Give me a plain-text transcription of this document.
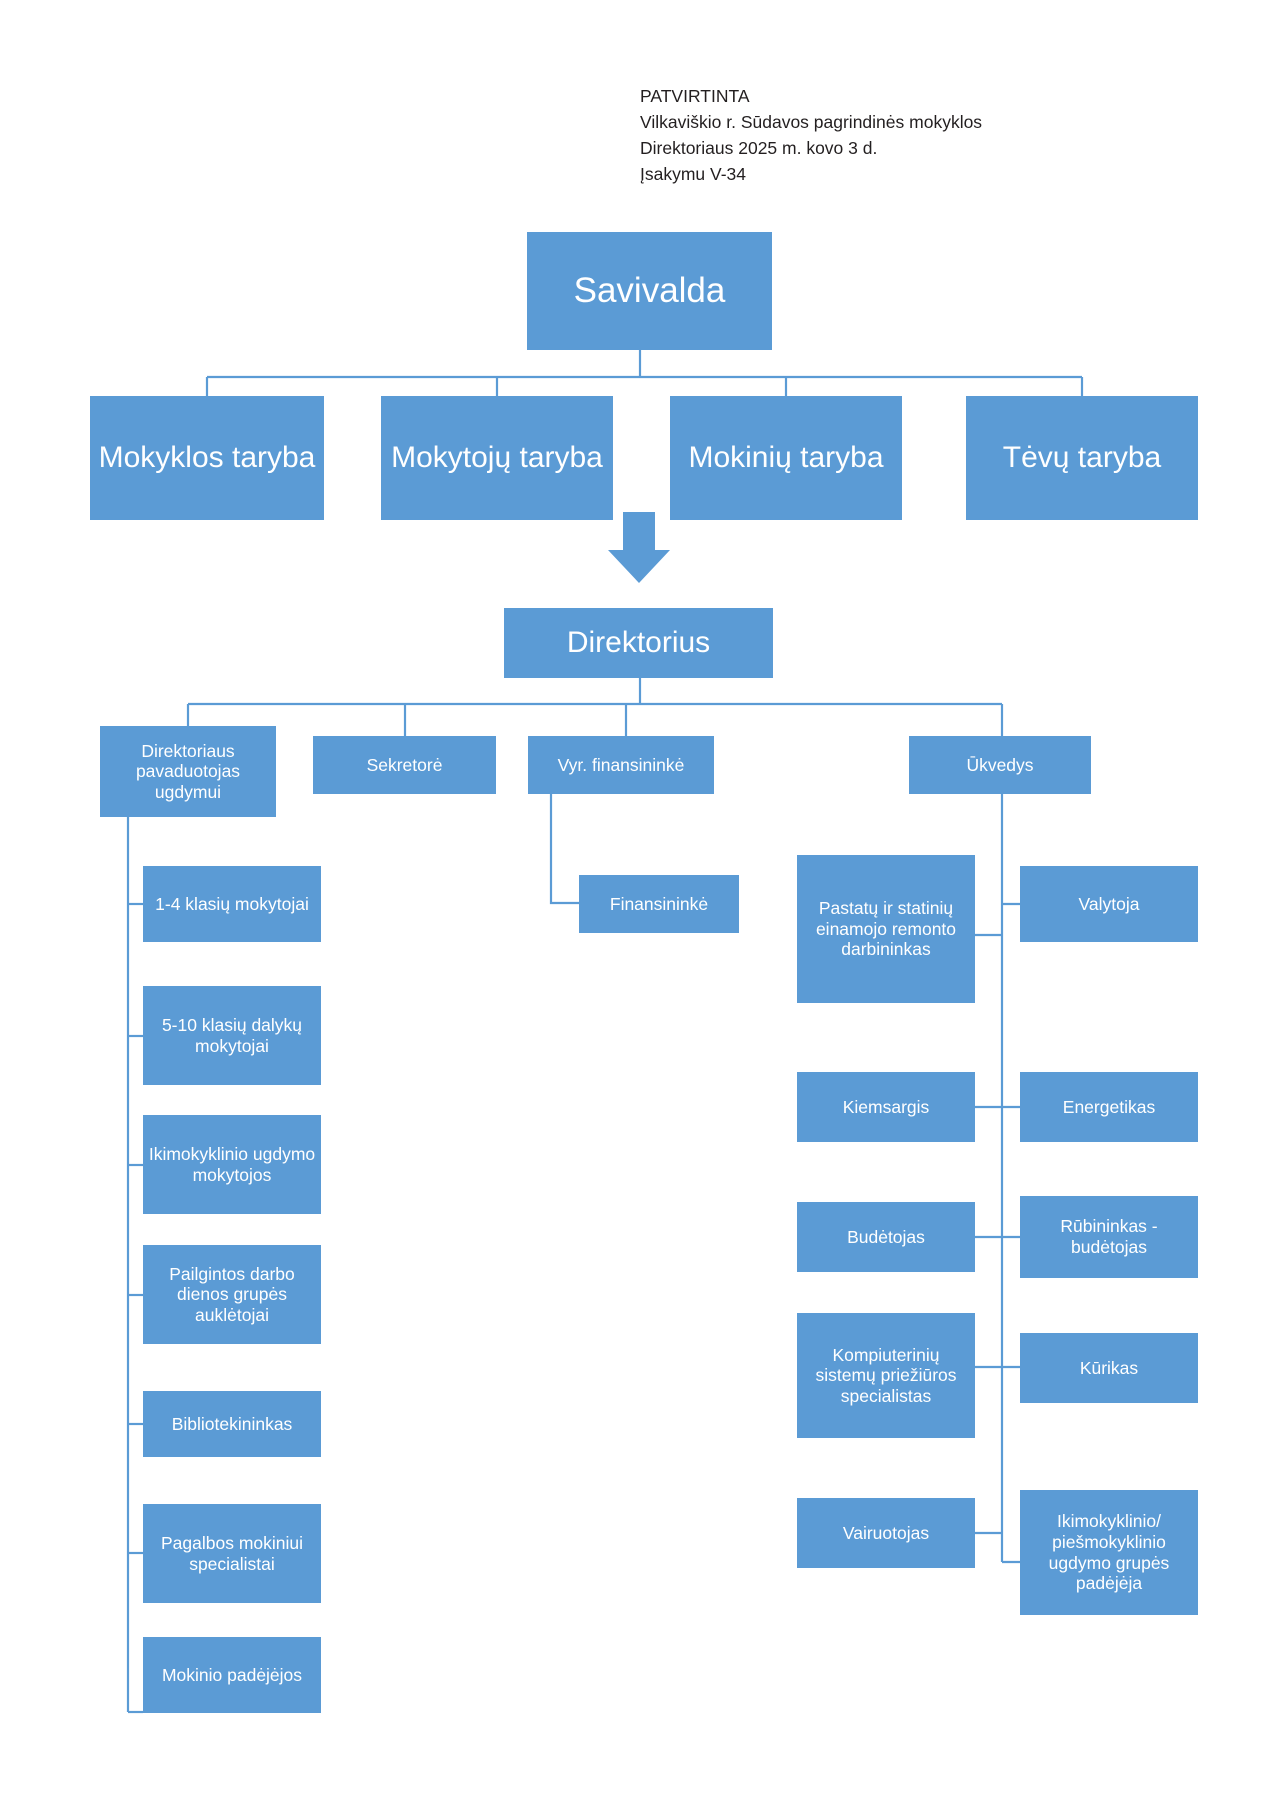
PATVIRTINTA
Vilkaviškio r. Sūdavos pagrindinės mokyklos
Direktoriaus 2025 m. kovo 3 d.
Įsakymu V-34
Savivalda
Mokyklos taryba	Mokytojų taryba	Mokinių taryba	Tėvų taryba
Direktorius
Direktoriaus pavaduotojas ugdymui
Sekretorė	Vyr. finansininkė	Ūkvedys
Finansininkė
1-4 klasių mokytojai
5-10 klasių dalykų mokytojai
Ikimokyklinio ugdymo mokytojos
Pailgintos darbo dienos grupės auklėtojai
Bibliotekininkas
Pagalbos mokiniui specialistai
Mokinio padėjėjos
Pastatų ir statinių einamojo remonto darbininkas
Kiemsargis
Budėtojas
Kompiuterinių sistemų priežiūros specialistas
Vairuotojas
Valytoja
Energetikas
Rūbininkas - budėtojas
Kūrikas
Ikimokyklinio/ piešmokyklinio ugdymo grupės padėjėja
